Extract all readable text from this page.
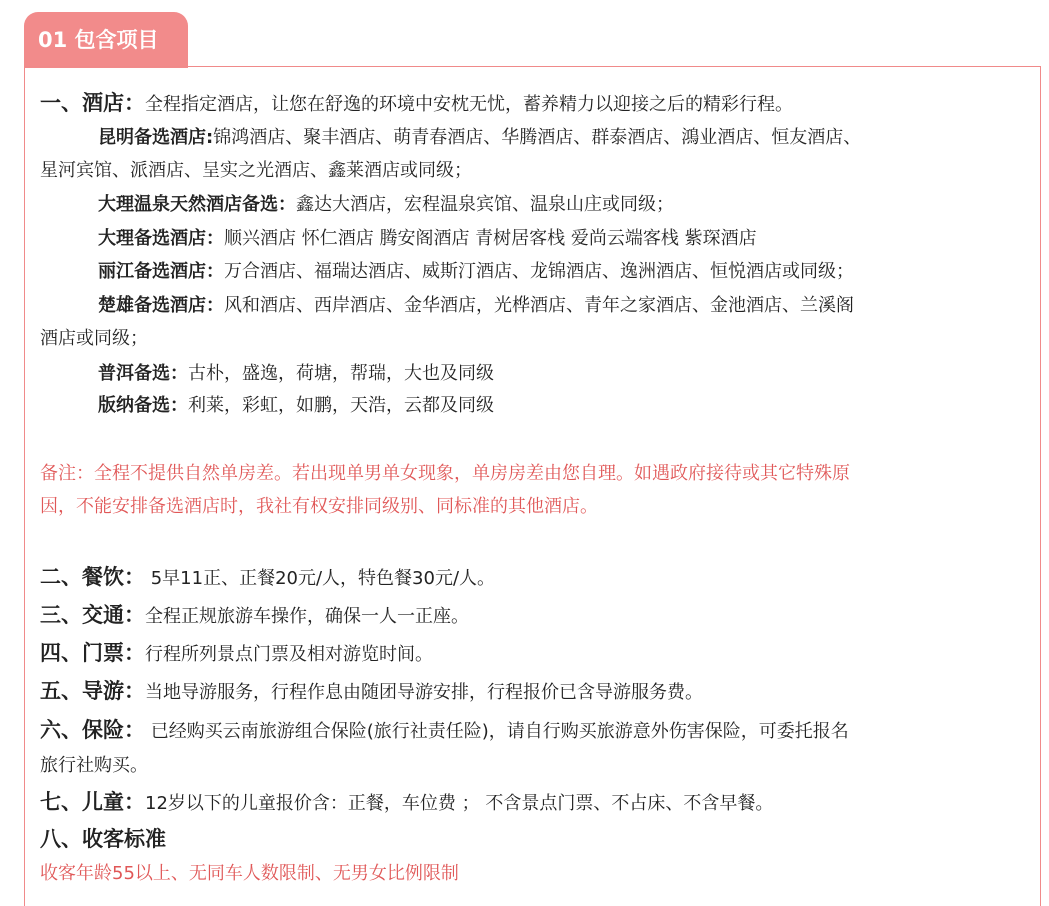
01 包含项目
一、酒店：全程指定酒店，让您在舒逸的环境中安枕无忧，蓄养精力以迎接之后的精彩行程。
昆明备选酒店:锦鸿酒店、聚丰酒店、萌青春酒店、华腾酒店、群泰酒店、鴻业酒店、恒友酒店、
星河宾馆、派酒店、呈实之光酒店、鑫莱酒店或同级；
大理温泉天然酒店备选：鑫达大酒店，宏程温泉宾馆、温泉山庄或同级；
大理备选酒店：顺兴酒店 怀仁酒店 腾安阁酒店 青树居客栈 爱尚云端客栈 紫琛酒店
丽江备选酒店：万合酒店、福瑞达酒店、威斯汀酒店、龙锦酒店、逸洲酒店、恒悦酒店或同级；
楚雄备选酒店：风和酒店、西岸酒店、金华酒店，光桦酒店、青年之家酒店、金池酒店、兰溪阁
酒店或同级；
普洱备选：古朴，盛逸，荷塘，帮瑞，大也及同级
版纳备选：利莱，彩虹，如鹏，天浩，云都及同级
备注：全程不提供自然单房差。若出现单男单女现象，单房房差由您自理。如遇政府接待或其它特殊原
因，不能安排备选酒店时，我社有权安排同级别、同标准的其他酒店。
二、餐饮： 5早11正、正餐20元/人，特色餐30元/人。
三、交通：全程正规旅游车操作，确保一人一正座。
四、门票：行程所列景点门票及相对游览时间。
五、导游：当地导游服务，行程作息由随团导游安排，行程报价已含导游服务费。
六、保险： 已经购买云南旅游组合保险(旅行社责任险)，请自行购买旅游意外伤害保险，可委托报名
旅行社购买。
七、儿童：12岁以下的儿童报价含：正餐，车位费 ； 不含景点门票、不占床、不含早餐。
八、收客标准
收客年龄55以上、无同车人数限制、无男女比例限制
